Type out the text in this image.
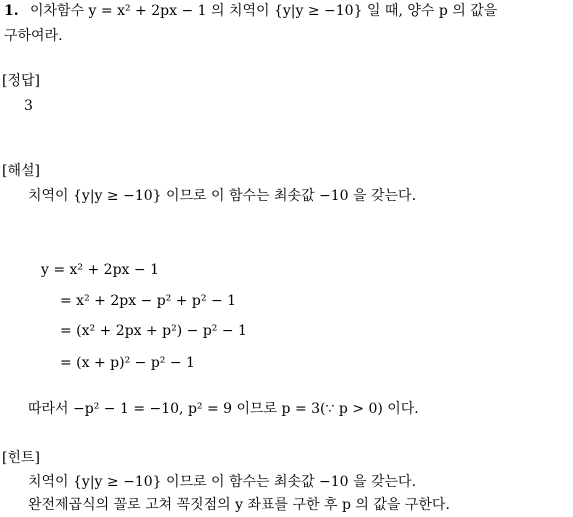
1. 이차함수 y = x² + 2px − 1 의 치역이 {y|y ≥ −10} 일 때, 양수 p 의 값을
구하여라.
[정답]
3
[해설]
치역이 {y|y ≥ −10} 이므로 이 함수는 최솟값 −10 을 갖는다.
y = x² + 2px − 1
= x² + 2px − p² + p² − 1
= (x² + 2px + p²) − p² − 1
= (x + p)² − p² − 1
따라서 −p² − 1 = −10, p² = 9 이므로 p = 3(∵ p > 0) 이다.
[힌트]
치역이 {y|y ≥ −10} 이므로 이 함수는 최솟값 −10 을 갖는다.
완전제곱식의 꼴로 고쳐 꼭짓점의 y 좌표를 구한 후 p 의 값을 구한다.
